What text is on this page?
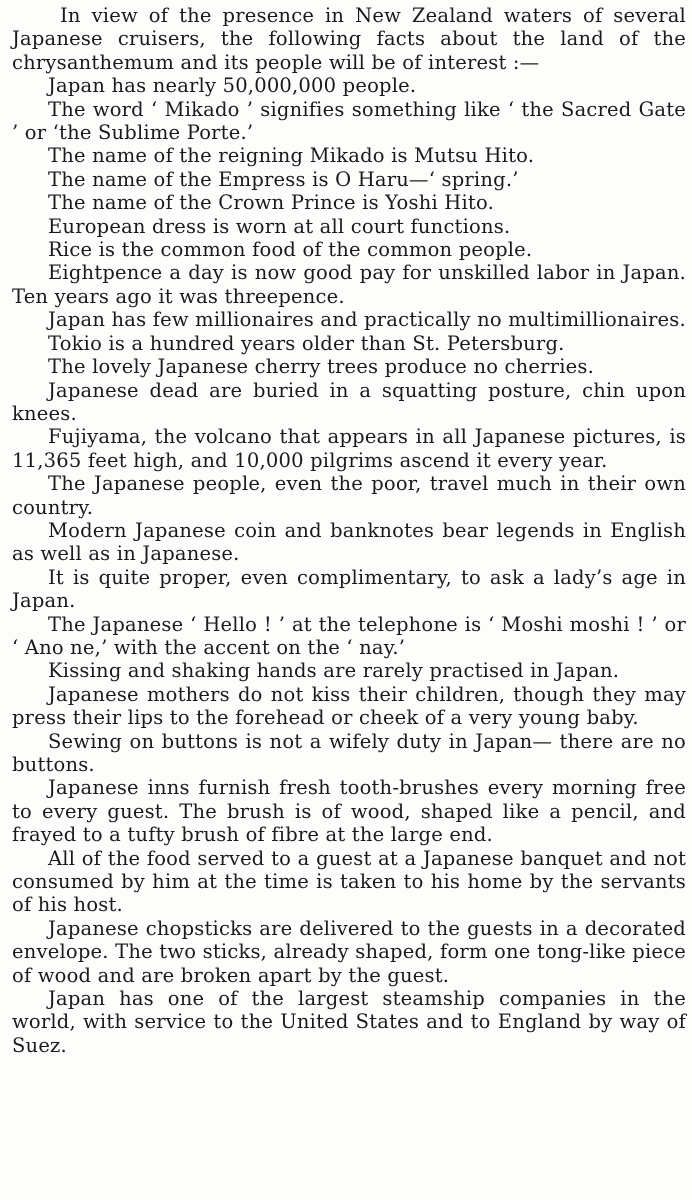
In view of the presence in New Zealand waters of several Japanese cruisers, the following facts about the land of the chrysanthemum and its people will be of interest :—

Japan has nearly 50,000,000 people.

The word ‘ Mikado ’ signifies something like ‘ the Sacred Gate ’ or ‘the Sublime Porte.’

The name of the reigning Mikado is Mutsu Hito.

The name of the Empress is O Haru—‘ spring.’

The name of the Crown Prince is Yoshi Hito.

European dress is worn at all court functions.

Rice is the common food of the common people.

Eightpence a day is now good pay for unskilled labor in Japan. Ten years ago it was threepence.

Japan has few millionaires and practically no multimillionaires.

Tokio is a hundred years older than St. Petersburg.

The lovely Japanese cherry trees produce no cherries.

Japanese dead are buried in a squatting posture, chin upon knees.

Fujiyama, the volcano that appears in all Japanese pictures, is 11,365 feet high, and 10,000 pilgrims ascend it every year.

The Japanese people, even the poor, travel much in their own country.

Modern Japanese coin and banknotes bear legends in English as well as in Japanese.

It is quite proper, even complimentary, to ask a lady’s age in Japan.

The Japanese ‘ Hello ! ’ at the telephone is ‘ Moshi moshi ! ’ or ‘ Ano ne,’ with the accent on the ‘ nay.’

Kissing and shaking hands are rarely practised in Japan.

Japanese mothers do not kiss their children, though they may press their lips to the forehead or cheek of a very young baby.

Sewing on buttons is not a wifely duty in Japan— there are no buttons.

Japanese inns furnish fresh tooth-brushes every morning free to every guest. The brush is of wood, shaped like a pencil, and frayed to a tufty brush of fibre at the large end.

All of the food served to a guest at a Japanese banquet and not consumed by him at the time is taken to his home by the servants of his host.

Japanese chopsticks are delivered to the guests in a decorated envelope. The two sticks, already shaped, form one tong-like piece of wood and are broken apart by the guest.

Japan has one of the largest steamship companies in the world, with service to the United States and to England by way of Suez.
